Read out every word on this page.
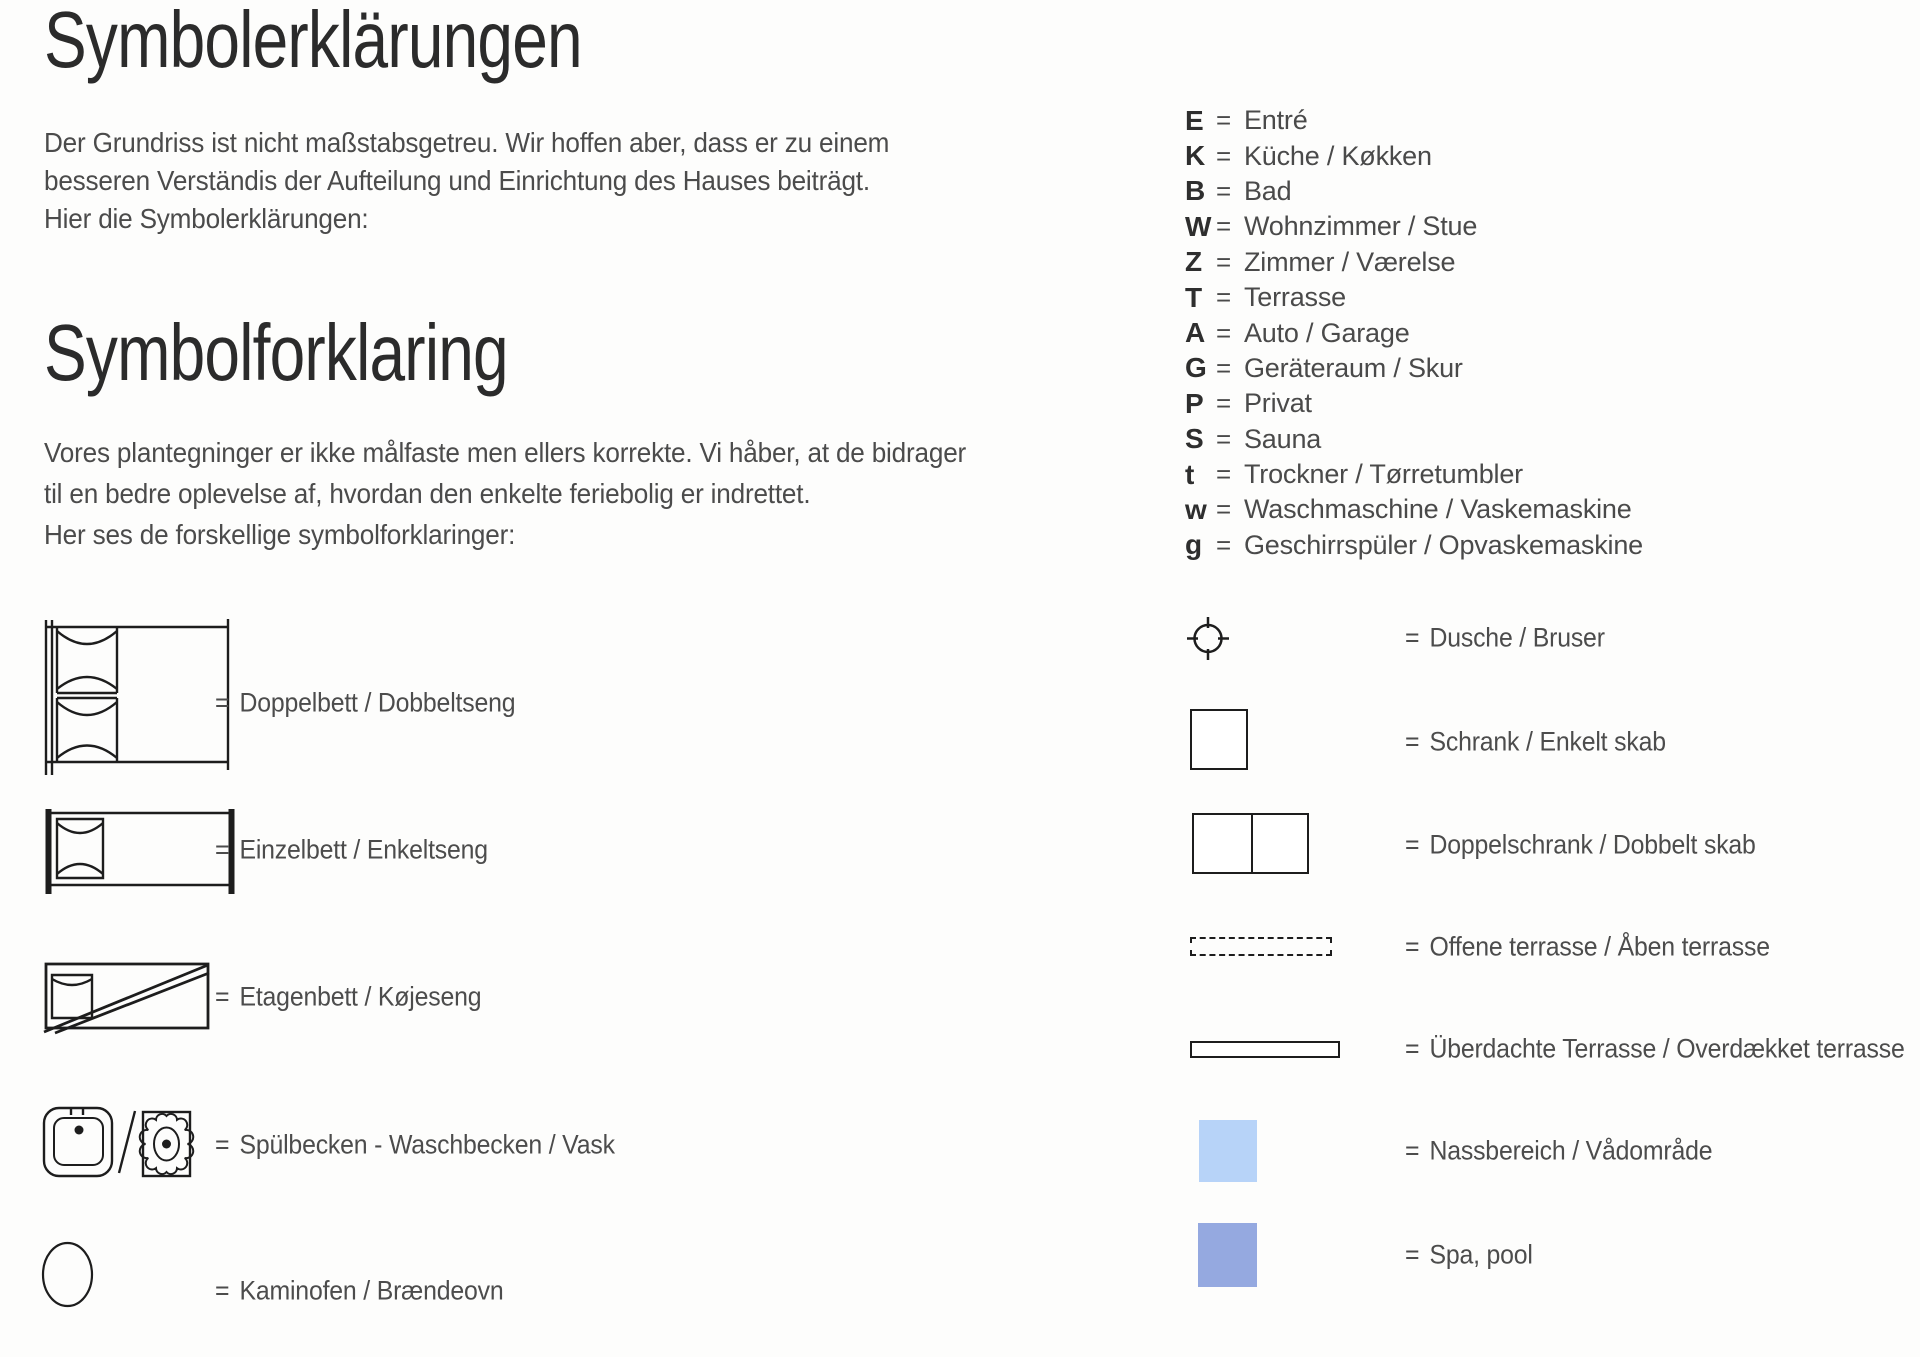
Symbolerklärungen
Der Grundriss ist nicht maßstabsgetreu. Wir hoffen aber, dass er zu einem
besseren Verständis der Aufteilung und Einrichtung des Hauses beiträgt.
Hier die Symbolerklärungen:
Symbolforklaring
Vores plantegninger er ikke målfaste men ellers korrekte. Vi håber, at de bidrager
til en bedre oplevelse af, hvordan den enkelte feriebolig er indrettet.
Her ses de forskellige symbolforklaringer:
E = Entré
K = Küche / Køkken
B = Bad
W = Wohnzimmer / Stue
Z = Zimmer / Værelse
T = Terrasse
A = Auto / Garage
G = Geräteraum / Skur
P = Privat
S = Sauna
t = Trockner / Tørretumbler
w = Waschmaschine / Vaskemaskine
g = Geschirrspüler / Opvaskemaskine
= Doppelbett / Dobbeltseng
= Einzelbett / Enkeltseng
= Etagenbett / Køjeseng
= Spülbecken - Waschbecken / Vask
= Kaminofen / Brændeovn
= Dusche / Bruser
= Schrank / Enkelt skab
= Doppelschrank / Dobbelt skab
= Offene terrasse / Åben terrasse
= Überdachte Terrasse / Overdækket terrasse
= Nassbereich / Vådområde
= Spa, pool
